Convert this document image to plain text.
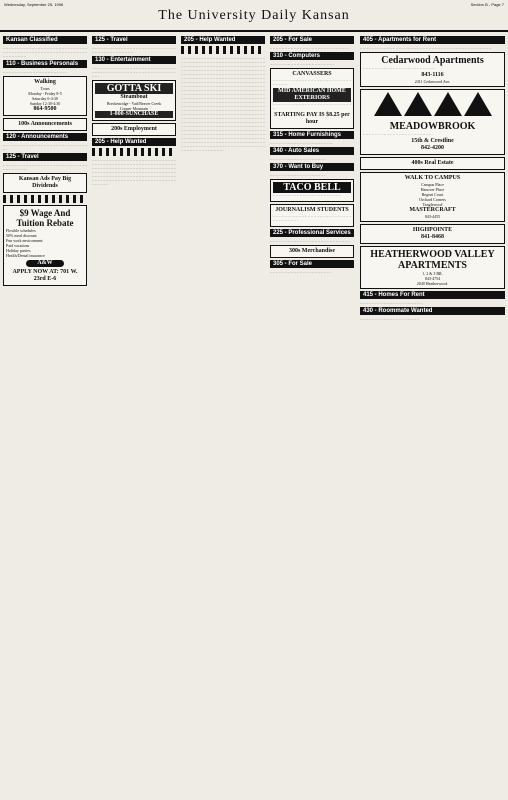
Wednesday, September 25, 1996
The University Daily Kansan
Section B - Page 7
Kansan Classified
. . . . . . . . . . . . . . . . . . . . . . . . . . . . . . . . . . . . . . . . . . . . . . . . . . . . . . . . . . . . . . . . . . . . . . . . . . . . . . . . . . . . . . . . . . . . . . . . . . . . . . . . . . . . . . . . . . . . . . . . . . . . . . . .
110 - Business Personals
. . . . . . . . . . . . . . . . . . . . . . . . . . . . . . . . . . . . . . . . . . .
Walking
Tours
Monday - Friday 8-5
Saturday 6-4:30
Sunday 12:30-4:30
864-9500
100s Announcements
120 - Announcements
. . . . . . . . . . . . . . . . . . . . . . . . . . . . . . . . . . . . . . . . . . . . . . . . . . . . . . . . . . .
125 - Travel
. . . . . . . . . . . . . . . . . . . . . . . . . . . . . . . . . . . . . . . . . . . . . . . . . . . . . . . . . . . . . . . . . . . . . . . .
Kansan Ads Pay Big Dividends
$9 Wage And Tuition Rebate
Flexible schedules
50% meal discount
Fun work environment
Paid vacations
Holiday parties
Health/Dental insurance
A&W
APPLY NOW AT: 701 W. 23rd E-6
125 - Travel
. . . . . . . . . . . . . . . . . . . . . . . . . . . . . . . . . . . . . . . . . . . . . . . . . . . . . . . . . . . . . . . . . . . . . . . . . . . . . . . . . . . .
130 - Entertainment
. . . . . . . . . . . . . . . . . . . . . . . . . . . . . . . . . . . . . . . . . . . . . . . . . . . . . . . . . . . . . . . . . . . . . . . . . . . . . . . . . . . . . . . . . . . . . . . . . . . . . . . . . . . . . . . . . . . . .
GOTTA SKI
Steamboat
Breckenridge - Vail/Beaver Creek
Copper Mountain
1-800-SUNCHASE
200s Employment
205 - Help Wanted
. . . . . . . . . . . . . . . . . . . . . . . . . . . . . . . . . . . . . . . . . . . . . . . . . . . . . . . . . . . . . . . . . . . . . . . . . . . . . . . . . . . . . . . . . . . . . . . . . . . . . . . . . . . . . . . . . . . . . . . . . . . . . . . . . . . . . . . . . . . . . . . . . . . . . . . . . . . . . . . . . . . . . . . . . . . . . . . . . . . . . . . . . . . . . . . . . . . . . . . . . . . . . . . . . . . . . . . . . . . . . . . . . . . . . . . . . . . . . . . . . . . . . . . . . . . . . . . . . . . . . . . . . . . . . . . . . . . . . . . . . . . . . . . . . . . . . . . . . . . . . . . . . . . . . . . . . . . . . . . . . . . . . . . . . . . . . . . . . . . . . . . . . . .
205 - Help Wanted
. . . . . . . . . . . . . . . . . . . . . . . . . . . . . . . . . . . . . . . . . . . . . . . . . . . . . . . . . . . . . . . . . . . . . . . . . . . . . . . . . . . . . . . . . . . . . . . . . . . . . . . . . . . . . . . . . . . . . . . . . . . . . . . . . . . . . . . . . . . . . . . . . . . . . . . . . . . . . . . . . . . . . . . . . . . . . . . . . . . . . . . . . . . . . . . . . . . . . . . . . . . . . . . . . . . . . . . . . . . . . . . . . . . . . . . . . . . . . . . . . . . . . . . . . . . . . . . . . . . . . . . . . . . . . . . . . . . . . . . . . . . . . . . . . . . . . . . . . . . . . . . . . . . . . . . . . . . . . . . . . . . . . . . . . . . . . . . . . . . . . . . . . . . . . . . . . . . . . . . . . . . . . . . . . . . . . . . . . . . . . . . . . . . . . . . . . . . . . . . . . . . . . . . . . . . . . . . . . . . . . . . . . . . . . . . . . . . . . . . . . . . . . . . . . . . . . . . . . . . . . . . . . . . . . . . . . . . . . . . . . . . . . . . . . . . . . . . . . . . . . . . . . . . . . . . . . . . . . . . . . . . . . . . . . . . . . . . . . . . . . . . . . . . . . . . . . . . . . . . . . . . . . . . . . . . . . . . . . . . . . . . . . . . . . . . . . . . . . . . . . . . . . . . . . . . . . . . . . . . . . . . . . . . . . . . . . . . . . . . . . . . . . . . . . . . . . . . . . . . . . . . . . . . . . . . . . . . . . . . . . . . . . . . . . . . . . . . . . . . . . . . . . . . . . . . . . . . . . . . . . . . . . . . . . . . . . . . . . . . . . . . . . . . . . . . . . . . . . . . . . . . . . . . . . . . . . . . . . . . . . . . . . . . . . . . . . . . . . . . . . . . . . . . . . . . . . . . . . . . . . . . . . . . . . . . . . . . . . . . . . . . . . . . . . . . . . . . . . . . . . . . . . . . . . . . . . . . . . . . . . . . . . . . . . . . . . . . . . . . . . . . . . . . . . . . . . . . . . . . . . . . . . . . . . . . . . . . . . . . . . . . . . . . . . . . . . . . . . . . . . . . . . . . . . . . . . . . . . . . . . . . . . . . . . . . . . . . . . . . . . . . . . . . . . . . . . . . . . . . . . . . . . . . . . . . . . . . . . . . . . . . . . . . . . . . . . . . . . . . . . . . . . . . . . . . . . . . . . . . . . . . . . . . . . . . . . . . . . . . . . . . . . . . . . . . . . . . . . . . . . . . . . . . . . . . . . . . . . . . . . . . . . . . . . . . . . . . . . . . . . . . . . . . . . . . . . . . . . . . . . . . . . . . . . . . . . . . . . . . . . . . . . . . . . . . . . . . . . . . . . . . . . . . . . . . . . . . . . . . . . . . . . . . . . . . . . . . . . . . . . . . . . . . . . . . . . . . . . . . . . . . . . . . . . . . . . . . . . . . . . . . . . . . . . . . . . . . . .
205 - For Sale
. . . . . . . . . . . . . . . . . . . . . . . . . . . . . . . . . . . . . . . . . . . . . . . . . . . . .
310 - Computers
. . . . . . . . . . . . . . . . . . . . . . . . . . . . . . . . . . . . . . . . . . .
CANVASSERS
. . . . . . . . . . . . . . . . . . . . . . . . . . . . . . . . . . . . . . . . . . . . . . . . . . . . . . . . . . . . . .
MID AMERICAN HOME EXTERIORS
. . . . . . . . . . . . . . . . . . . . . . . . . . . . . . . . . . . . . . . . . . . . . . . . . . . . . .
STARTING PAY IS $8.25 per hour
315 - Home Furnishings
. . . . . . . . . . . . . . . . . . . . . . . . . . . . . . . . . . . . . . . . . .
340 - Auto Sales
. . . . . . . . . . . . . . . . . . . . . . . . . . . . . . . . . . . . .
370 - Want to Buy
. . . . . . . . . . . . . . . . . . . . . . . . . . . . . . . . . . . . .
TACO BELL
. . . . . . . . . . . . . . . . . . . . . . . . . . . . . . . . . . . . . . . . . . . . . .
JOURNALISM STUDENTS
. . . . . . . . . . . . . . . . . . . . . . . . . . . . . . . . . . . . . . . . . . . . . . . . . . . . . . . . . . . . . . . . . . . . .
225 - Professional Services
. . . . . . . . . . . . . . . . . . . . . . . . . . . . . . . . . . . . . . . . . . . . . . . . . . . . . .
300s Merchandise
305 - For Sale
. . . . . . . . . . . . . . . . . . . . . . . . . . . . . . . . . . . . . . . . .
405 - Apartments for Rent
. . . . . . . . . . . . . . . . . . . . . . . . . . . . . . . . . . . . . . . . . . . . . . . . . . . . . . . . . . . . . . . . . . . . . . . . . . . . . . . . . . . . . . . .
Cedarwood Apartments
. . . . . . . . . . . . . . . . . . . . . . . . . . . . . . . . . . . . . . . . . . . . . . . .
843-1116
2411 Cedarwood Ave.
MEADOWBROOK
. . . . . . . . . . . . . . . . . . . . . . . . . . . . . . . . . . . . . . . . . . . . . .
15th & Crestline
842-4200
400s Real Estate
WALK TO CAMPUS
Campus Place
Hanover Place
Regent Court
Orchard Corners
Tanglewood
MASTERCRAFT
843-4455
HIGHPOINTE
841-8468
HEATHERWOOD VALLEY APARTMENTS
1, 2 & 3 BR.
843-4754
2040 Heatherwood.
415 - Homes For Rent
. . . . . . . . . . . . . . . . . . . . . . . . . . . . . . . . . . . . . . . . . .
430 - Roommate Wanted
. . . . . . . . . . . . . . . . . . . . . . . . . . . . . . . . . . . . . . . .
